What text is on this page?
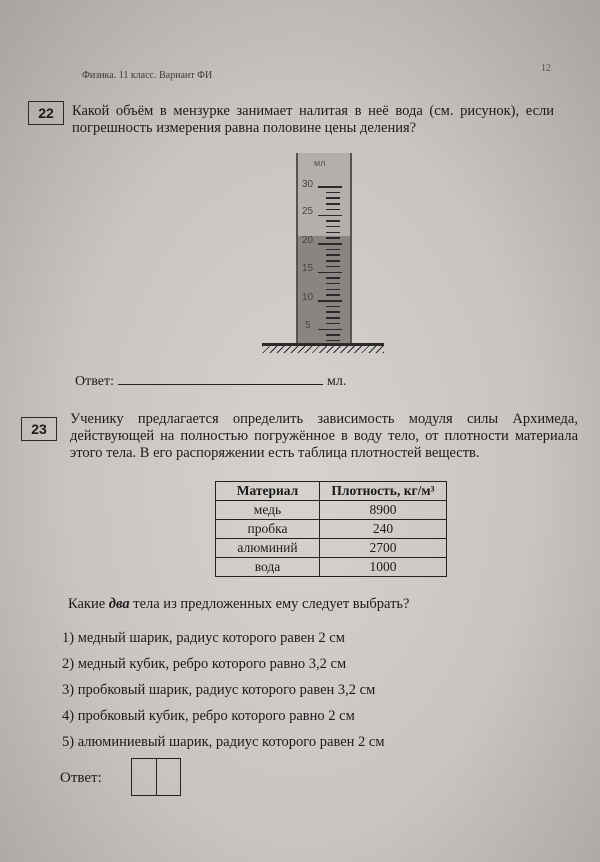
Физика. 11 класс. Вариант ФИ
12
22	Какой объём в мензурке занимает налитая в неё вода (см. рисунок), если погрешность измерения равна половине цены деления?
мл
30
25
20
15
10
5
Ответ:	мл.
23
Ученику предлагается определить зависимость модуля силы Архимеда, действующей на полностью погружённое в воду тело, от плотности материала этого тела. В его распоряжении есть таблица плотностей веществ.
Материал	Плотность, кг/м³
медь	8900
пробка	240
алюминий	2700
вода	1000
Какие два тела из предложенных ему следует выбрать?
1) медный шарик, радиус которого равен 2 см
2) медный кубик, ребро которого равно 3,2 см
3) пробковый шарик, радиус которого равен 3,2 см
4) пробковый кубик, ребро которого равно 2 см
5) алюминиевый шарик, радиус которого равен 2 см
Ответ:
